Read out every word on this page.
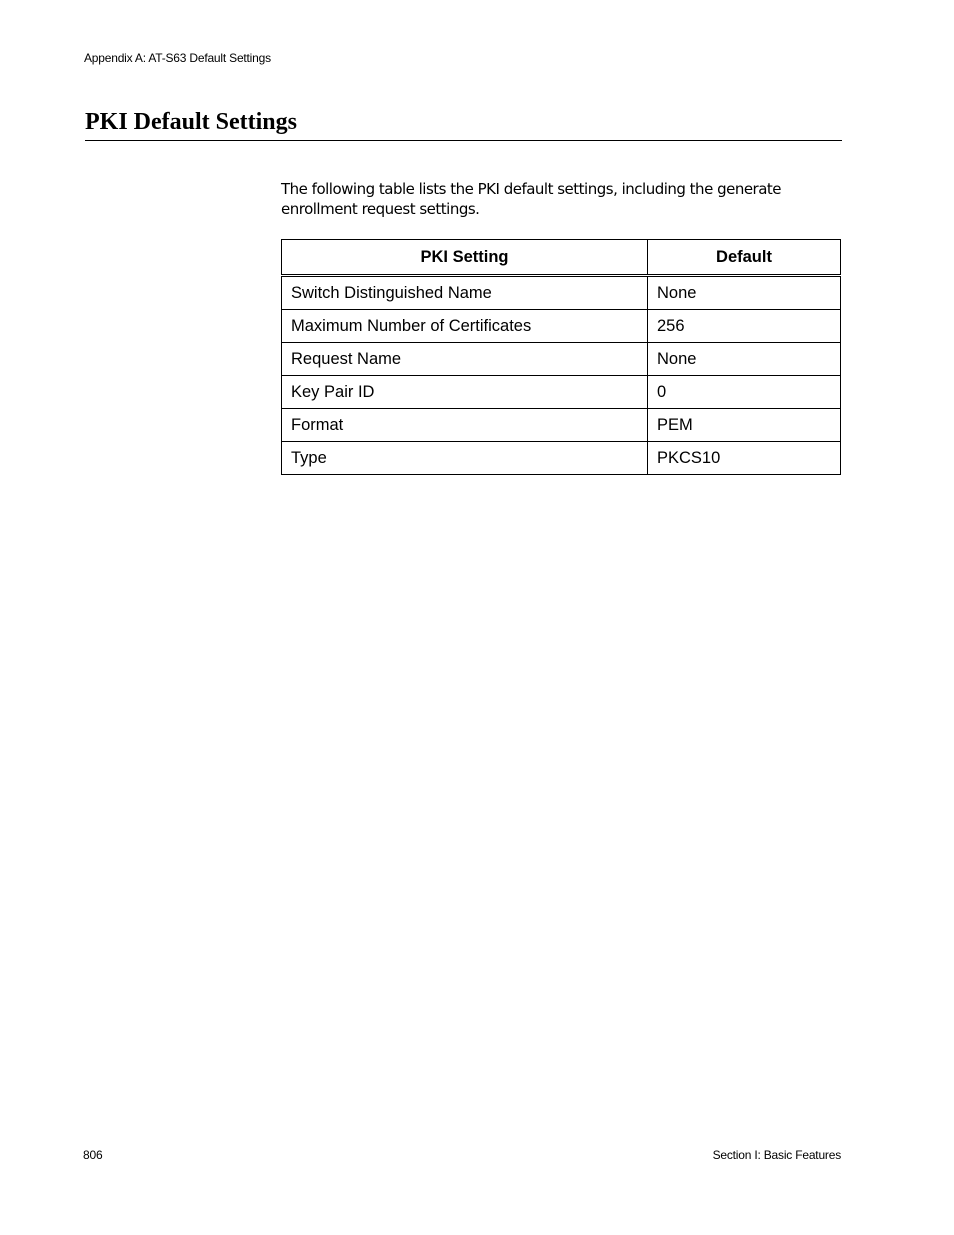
Appendix A: AT-S63 Default Settings
PKI Default Settings

The following table lists the PKI default settings, including the generate enrollment request settings.

PKI Setting	Default
Switch Distinguished Name	None
Maximum Number of Certificates	256
Request Name	None
Key Pair ID	0
Format	PEM
Type	PKCS10
806	Section I: Basic Features
